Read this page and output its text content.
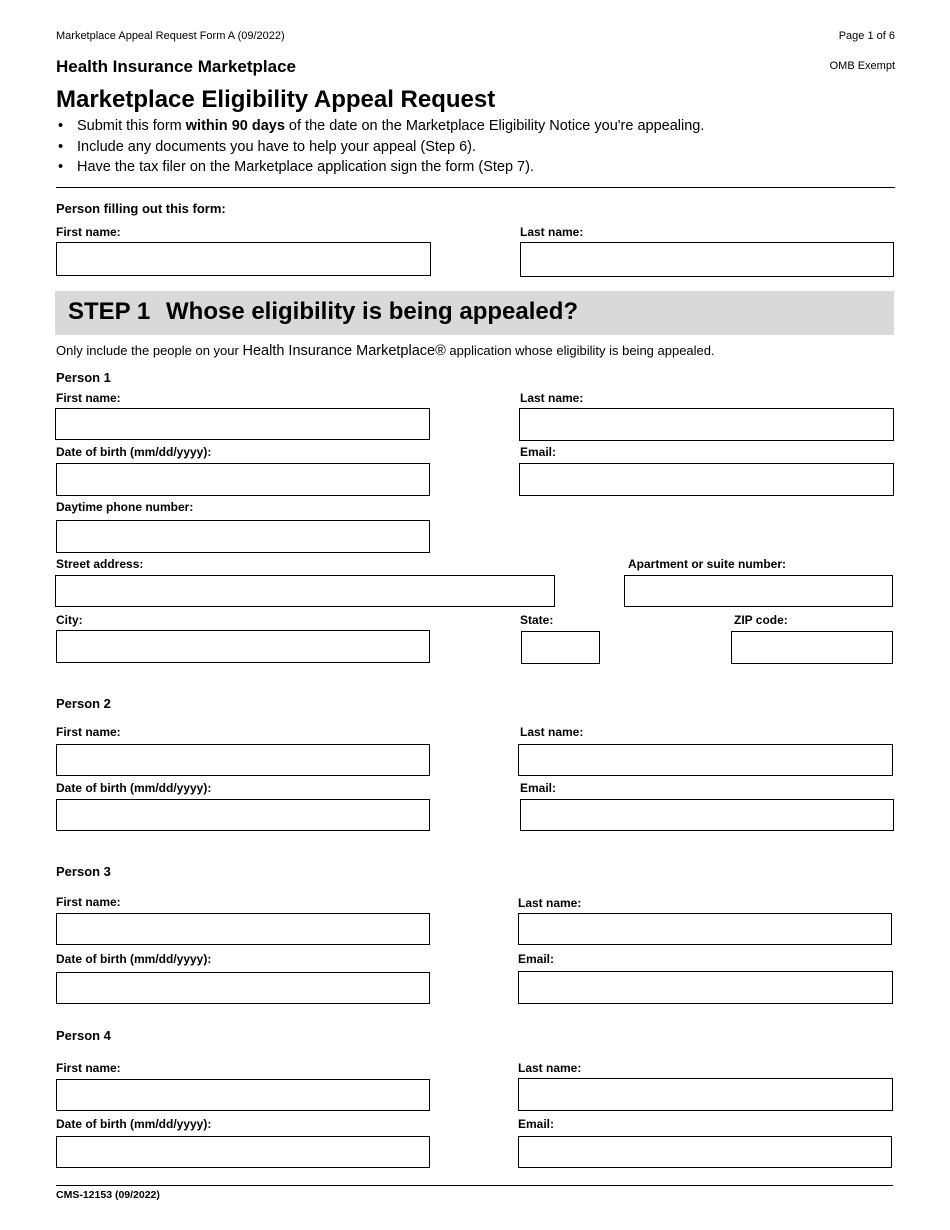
Marketplace Appeal Request Form A (09/2022)	Page 1 of 6
Health Insurance Marketplace	OMB Exempt
Marketplace Eligibility Appeal Request
• Submit this form within 90 days of the date on the Marketplace Eligibility Notice you're appealing.
• Include any documents you have to help your appeal (Step 6).
• Have the tax filer on the Marketplace application sign the form (Step 7).
Person filling out this form:
First name:	Last name:
STEP 1 Whose eligibility is being appealed?
Only include the people on your Health Insurance Marketplace® application whose eligibility is being appealed.
Person 1
First name:	Last name:
Date of birth (mm/dd/yyyy):	Email:
Daytime phone number:
Street address:	Apartment or suite number:
City:	State:	ZIP code:
Person 2
First name:	Last name:
Date of birth (mm/dd/yyyy):	Email:
Person 3
First name:	Last name:
Date of birth (mm/dd/yyyy):	Email:
Person 4
First name:	Last name:
Date of birth (mm/dd/yyyy):	Email:
CMS-12153 (09/2022)
